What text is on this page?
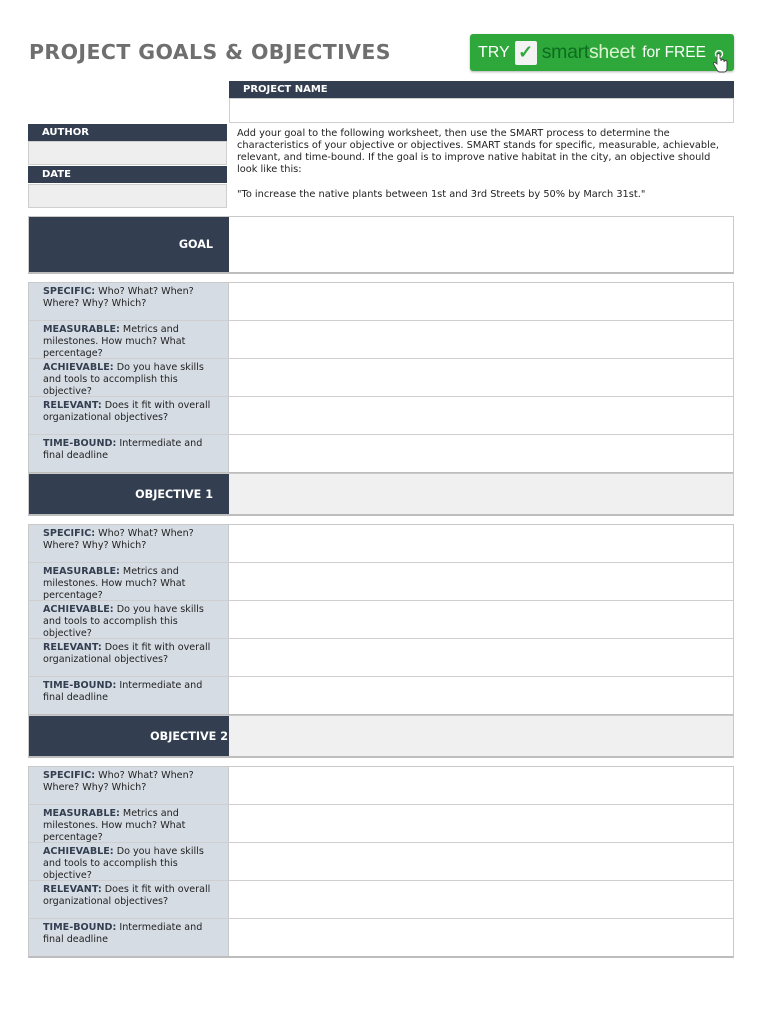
PROJECT GOALS & OBJECTIVES	TRY ✓ smartsheet for FREE
PROJECT NAME
AUTHOR
DATE
Add your goal to the following worksheet, then use the SMART process to determine the characteristics of your objective or objectives. SMART stands for specific, measurable, achievable, relevant, and time-bound. If the goal is to improve native habitat in the city, an objective should look like this:
"To increase the native plants between 1st and 3rd Streets by 50% by March 31st."
GOAL
SPECIFIC: Who? What? When? Where? Why? Which?
MEASURABLE: Metrics and milestones. How much? What percentage?
ACHIEVABLE: Do you have skills and tools to accomplish this objective?
RELEVANT: Does it fit with overall organizational objectives?
TIME-BOUND: Intermediate and final deadline
OBJECTIVE 1
SPECIFIC: Who? What? When? Where? Why? Which?
MEASURABLE: Metrics and milestones. How much? What percentage?
ACHIEVABLE: Do you have skills and tools to accomplish this objective?
RELEVANT: Does it fit with overall organizational objectives?
TIME-BOUND: Intermediate and final deadline
OBJECTIVE 2
SPECIFIC: Who? What? When? Where? Why? Which?
MEASURABLE: Metrics and milestones. How much? What percentage?
ACHIEVABLE: Do you have skills and tools to accomplish this objective?
RELEVANT: Does it fit with overall organizational objectives?
TIME-BOUND: Intermediate and final deadline
